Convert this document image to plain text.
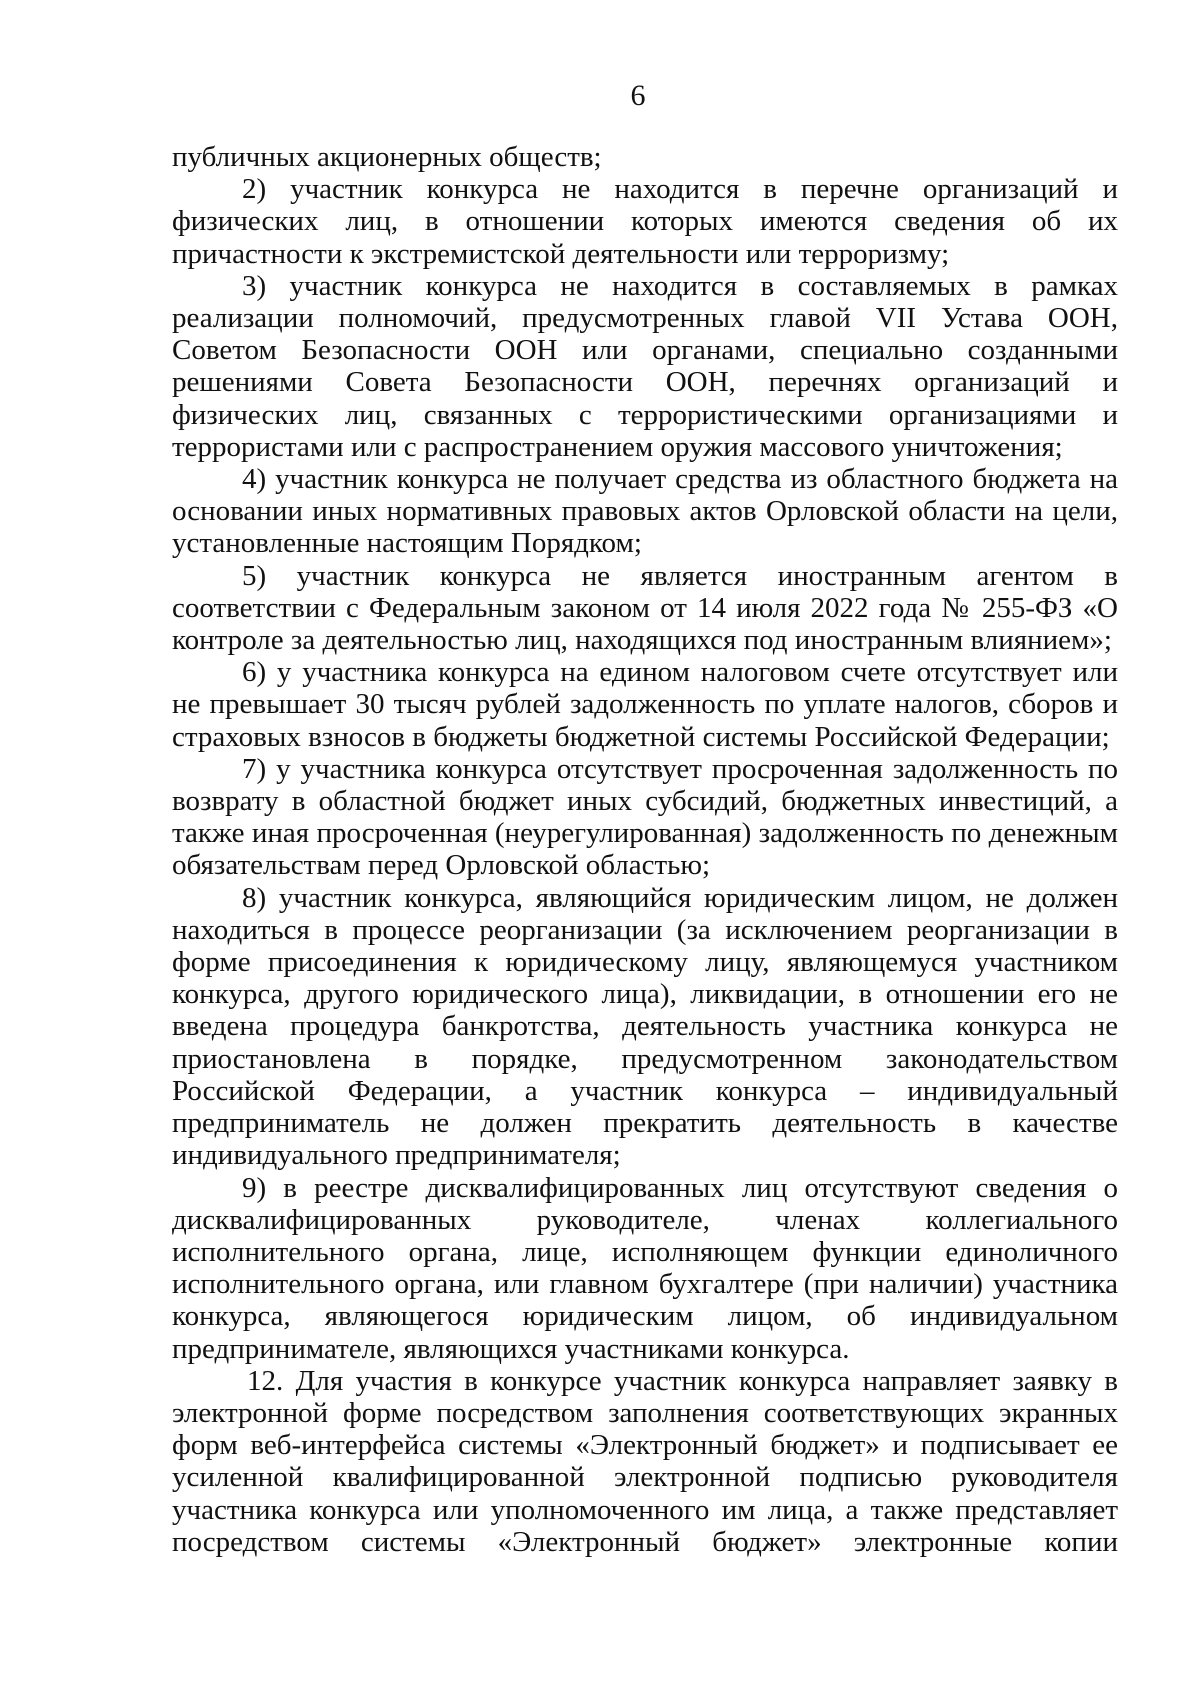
6

публичных акционерных обществ;

2) участник конкурса не находится в перечне организаций и физических лиц, в отношении которых имеются сведения об их причастности к экстремистской деятельности или терроризму;

3) участник конкурса не находится в составляемых в рамках реализации полномочий, предусмотренных главой VII Устава ООН, Советом Безопасности ООН или органами, специально созданными решениями Совета Безопасности ООН, перечнях организаций и физических лиц, связанных с террористическими организациями и террористами или с распространением оружия массового уничтожения;

4) участник конкурса не получает средства из областного бюджета на основании иных нормативных правовых актов Орловской области на цели, установленные настоящим Порядком;

5) участник конкурса не является иностранным агентом в соответствии с Федеральным законом от 14 июля 2022 года № 255-ФЗ «О контроле за деятельностью лиц, находящихся под иностранным влиянием»;

6) у участника конкурса на едином налоговом счете отсутствует или не превышает 30 тысяч рублей задолженность по уплате налогов, сборов и страховых взносов в бюджеты бюджетной системы Российской Федерации;

7) у участника конкурса отсутствует просроченная задолженность по возврату в областной бюджет иных субсидий, бюджетных инвестиций, а также иная просроченная (неурегулированная) задолженность по денежным обязательствам перед Орловской областью;

8) участник конкурса, являющийся юридическим лицом, не должен находиться в процессе реорганизации (за исключением реорганизации в форме присоединения к юридическому лицу, являющемуся участником конкурса, другого юридического лица), ликвидации, в отношении его не введена процедура банкротства, деятельность участника конкурса не приостановлена в порядке, предусмотренном законодательством Российской Федерации, а участник конкурса – индивидуальный предприниматель не должен прекратить деятельность в качестве индивидуального предпринимателя;

9) в реестре дисквалифицированных лиц отсутствуют сведения о дисквалифицированных руководителе, членах коллегиального исполнительного органа, лице, исполняющем функции единоличного исполнительного органа, или главном бухгалтере (при наличии) участника конкурса, являющегося юридическим лицом, об индивидуальном предпринимателе, являющихся участниками конкурса.

12. Для участия в конкурсе участник конкурса направляет заявку в электронной форме посредством заполнения соответствующих экранных форм веб-интерфейса системы «Электронный бюджет» и подписывает ее усиленной квалифицированной электронной подписью руководителя участника конкурса или уполномоченного им лица, а также представляет посредством системы «Электронный бюджет» электронные копии
